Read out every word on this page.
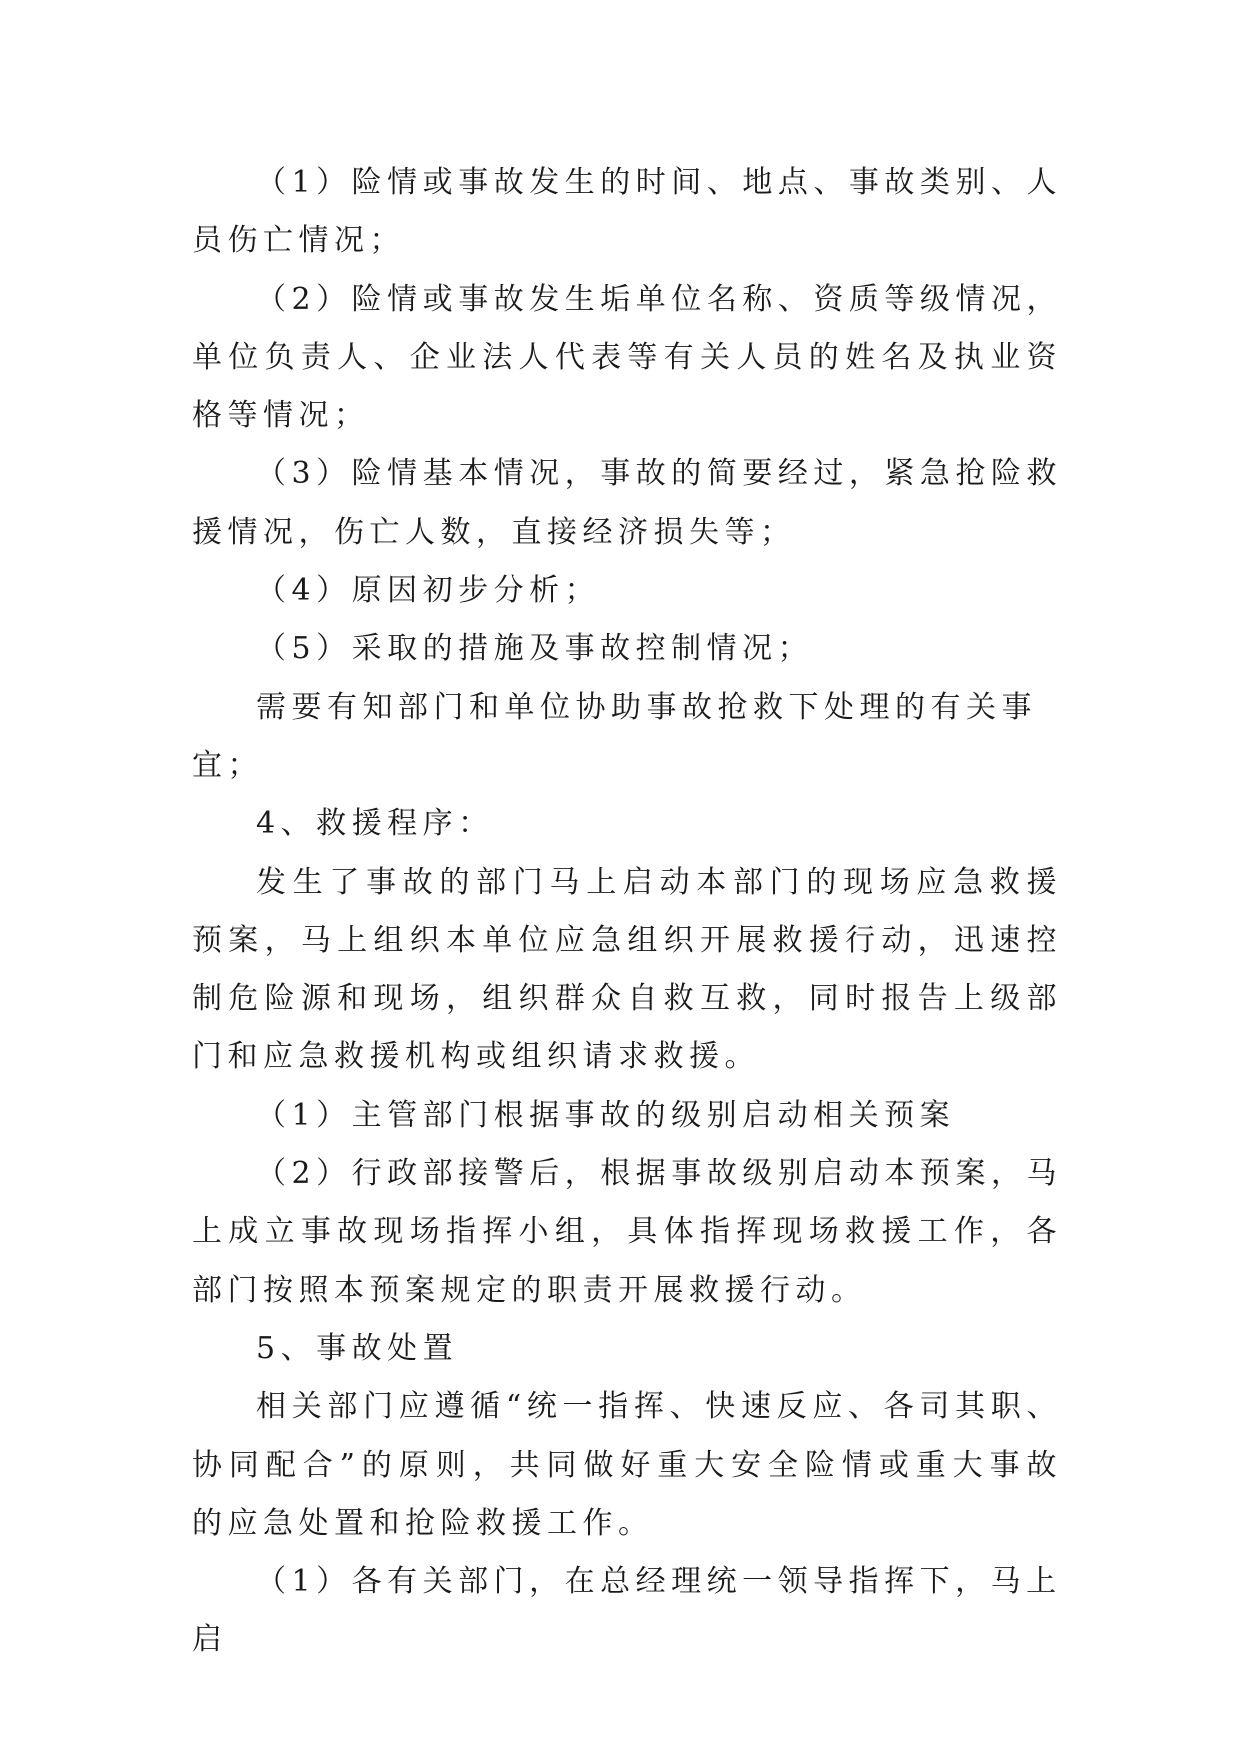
（1）险情或事故发生的时间、地点、事故类别、人员伤亡情况；

（2）险情或事故发生垢单位名称、资质等级情况，单位负责人、企业法人代表等有关人员的姓名及执业资格等情况；

（3）险情基本情况，事故的简要经过，紧急抢险救援情况，伤亡人数，直接经济损失等；

（4）原因初步分析；

（5）采取的措施及事故控制情况；

需要有知部门和单位协助事故抢救下处理的有关事宜；

4、救援程序：

发生了事故的部门马上启动本部门的现场应急救援预案，马上组织本单位应急组织开展救援行动，迅速控制危险源和现场，组织群众自救互救，同时报告上级部门和应急救援机构或组织请求救援。

（1）主管部门根据事故的级别启动相关预案

（2）行政部接警后，根据事故级别启动本预案，马上成立事故现场指挥小组，具体指挥现场救援工作，各部门按照本预案规定的职责开展救援行动。

5、事故处置

相关部门应遵循“统一指挥、快速反应、各司其职、协同配合”的原则，共同做好重大安全险情或重大事故的应急处置和抢险救援工作。

（1）各有关部门，在总经理统一领导指挥下，马上启
